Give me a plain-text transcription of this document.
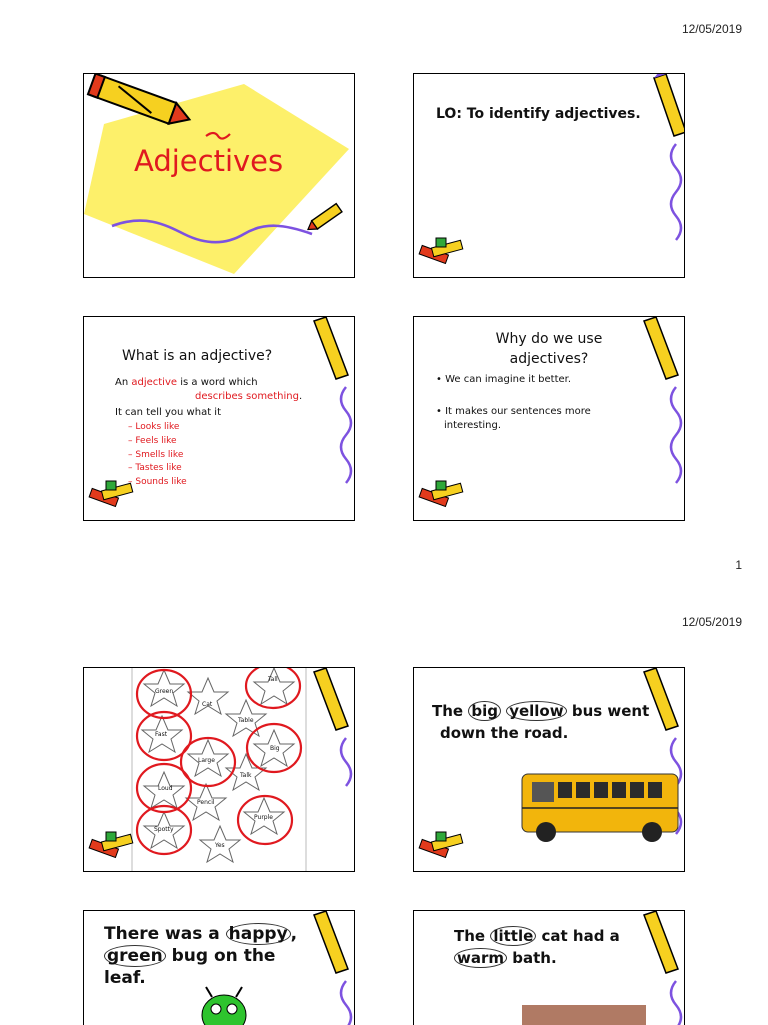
12/05/2019
1
12/05/2019
Adjectives
LO: To identify adjectives.
What is an adjective?
An adjective is a word which
describes something.
It can tell you what it
– Looks like
– Feels like
– Smells like
– Tastes like
– Sounds like
Why do we use
adjectives?
• We can imagine it better.
• It makes our sentences more
interesting.
Green
Cat
Tall
Fast
Table
Big
Large
Talk
Loud
Pencil
Purple
Spotty
Yes
The big yellow bus went
down the road.
There was a happy ,
green bug on the
leaf.
The little cat had a
warm bath.
